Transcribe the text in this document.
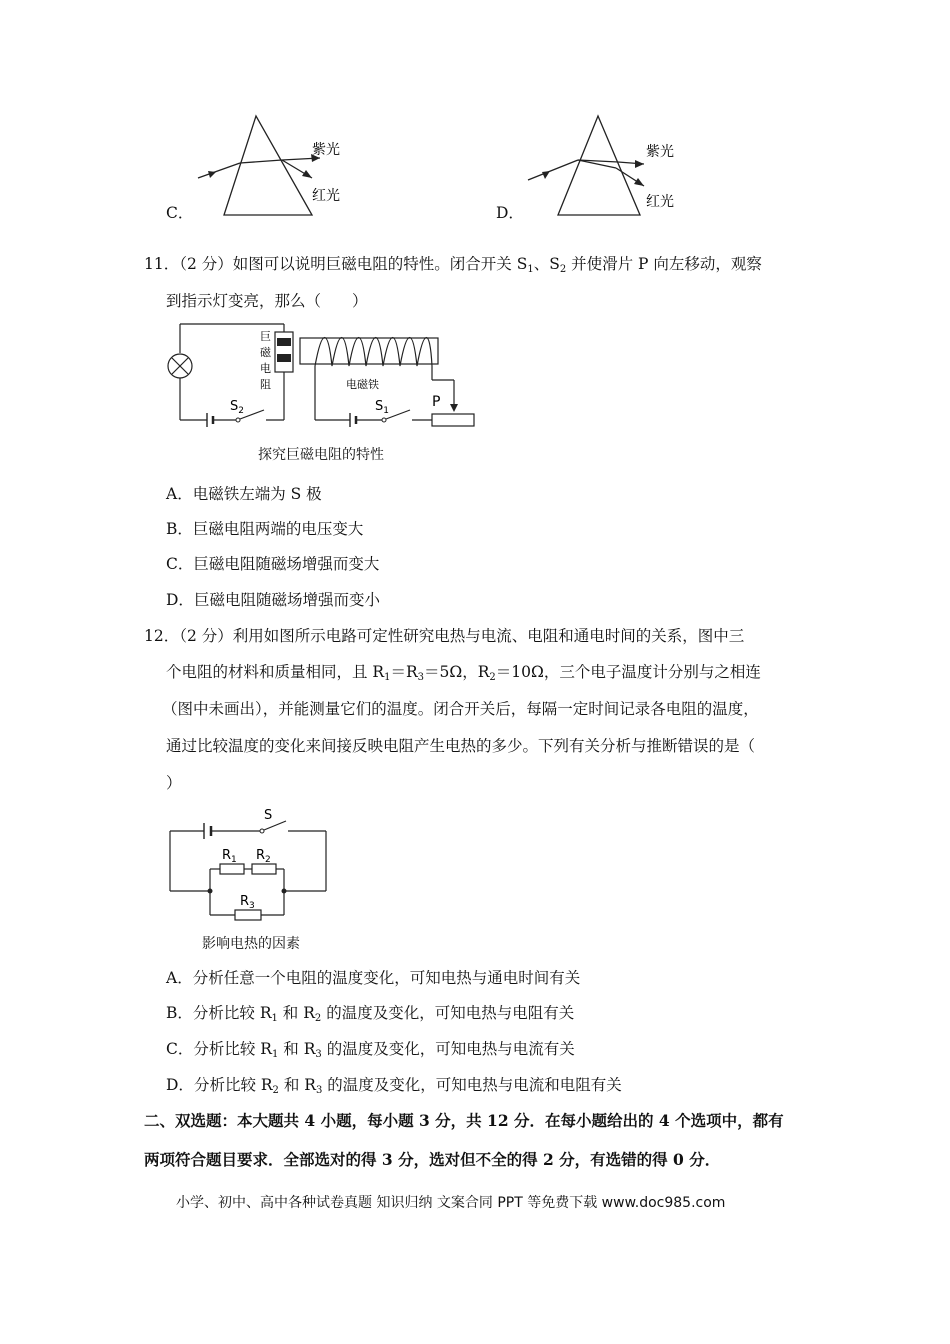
C．
紫光
红光
D．
紫光
红光
11．（2 分）如图可以说明巨磁电阻的特性。闭合开关 $S_1$、$S_2$ 并使滑片 P 向左移动，观察
到指示灯变亮，那么（　　）
巨
磁
电
阻
$S_2$
电磁铁
$S_1$
P
探究巨磁电阻的特性
A．电磁铁左端为 S 极
B．巨磁电阻两端的电压变大
C．巨磁电阻随磁场增强而变大
D．巨磁电阻随磁场增强而变小
12．（2 分）利用如图所示电路可定性研究电热与电流、电阻和通电时间的关系，图中三
个电阻的材料和质量相同，且 $R_1=R_3=5\Omega$，$R_2=10\Omega$，三个电子温度计分别与之相连
（图中未画出），并能测量它们的温度。闭合开关后，每隔一定时间记录各电阻的温度，
通过比较温度的变化来间接反映电阻产生电热的多少。下列有关分析与推断错误的是（
）
S
$R_1$ $R_2$
$R_3$
影响电热的因素
A．分析任意一个电阻的温度变化，可知电热与通电时间有关
B．分析比较 $R_1$ 和 $R_2$ 的温度及变化，可知电热与电阻有关
C．分析比较 $R_1$ 和 $R_3$ 的温度及变化，可知电热与电流有关
D．分析比较 $R_2$ 和 $R_3$ 的温度及变化，可知电热与电流和电阻有关
二、双选题：本大题共 4 小题，每小题 3 分，共 12 分．在每小题给出的 4 个选项中，都有
两项符合题目要求．全部选对的得 3 分，选对但不全的得 2 分，有选错的得 0 分．
小学、初中、高中各种试卷真题 知识归纳 文案合同 PPT 等免费下载 www.doc985.com
